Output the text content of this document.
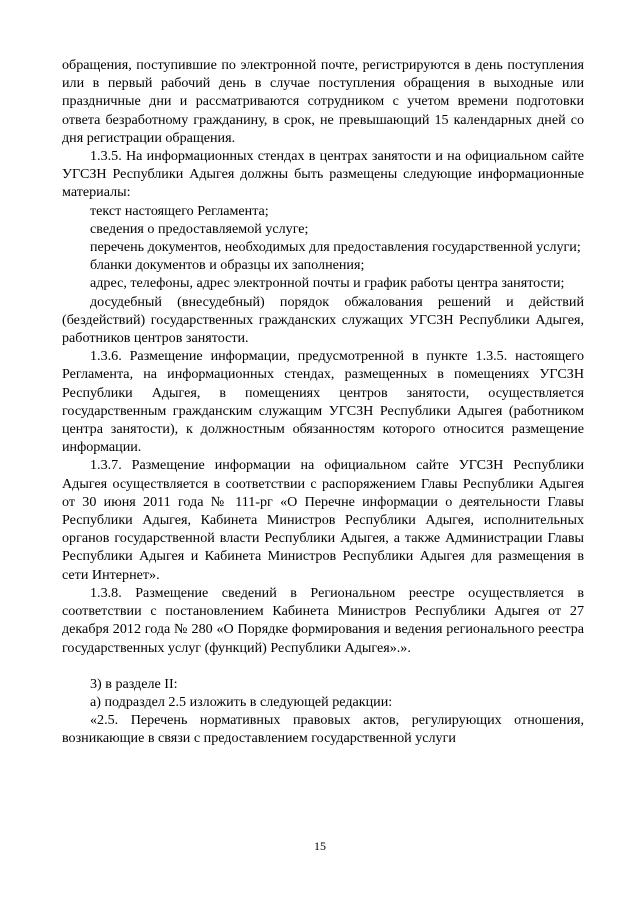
обращения, поступившие по электронной почте, регистрируются в день поступления или в первый рабочий день в случае поступления обращения в выходные или праздничные дни и рассматриваются сотрудником с учетом времени подготовки ответа безработному гражданину, в срок, не превышающий 15 календарных дней со дня регистрации обращения.

1.3.5. На информационных стендах в центрах занятости и на официальном сайте УГСЗН Республики Адыгея должны быть размещены следующие информационные материалы:

текст настоящего Регламента;

сведения о предоставляемой услуге;

перечень документов, необходимых для предоставления государственной услуги;

бланки документов и образцы их заполнения;

адрес, телефоны, адрес электронной почты и график работы центра занятости;

досудебный (внесудебный) порядок обжалования решений и действий (бездействий) государственных гражданских служащих УГСЗН Республики Адыгея, работников центров занятости.

1.3.6. Размещение информации, предусмотренной в пункте 1.3.5. настоящего Регламента, на информационных стендах, размещенных в помещениях УГСЗН Республики Адыгея, в помещениях центров занятости, осуществляется государственным гражданским служащим УГСЗН Республики Адыгея (работником центра занятости), к должностным обязанностям которого относится размещение информации.

1.3.7. Размещение информации на официальном сайте УГСЗН Республики Адыгея осуществляется в соответствии с распоряжением Главы Республики Адыгея от 30 июня 2011 года № 111-рг «О Перечне информации о деятельности Главы Республики Адыгея, Кабинета Министров Республики Адыгея, исполнительных органов государственной власти Республики Адыгея, а также Администрации Главы Республики Адыгея и Кабинета Министров Республики Адыгея для размещения в сети Интернет».

1.3.8. Размещение сведений в Региональном реестре осуществляется в соответствии с постановлением Кабинета Министров Республики Адыгея от 27 декабря 2012 года № 280 «О Порядке формирования и ведения регионального реестра государственных услуг (функций) Республики Адыгея».».

3) в разделе II:

а) подраздел 2.5 изложить в следующей редакции:

«2.5. Перечень нормативных правовых актов, регулирующих отношения, возникающие в связи с предоставлением государственной услуги

15
